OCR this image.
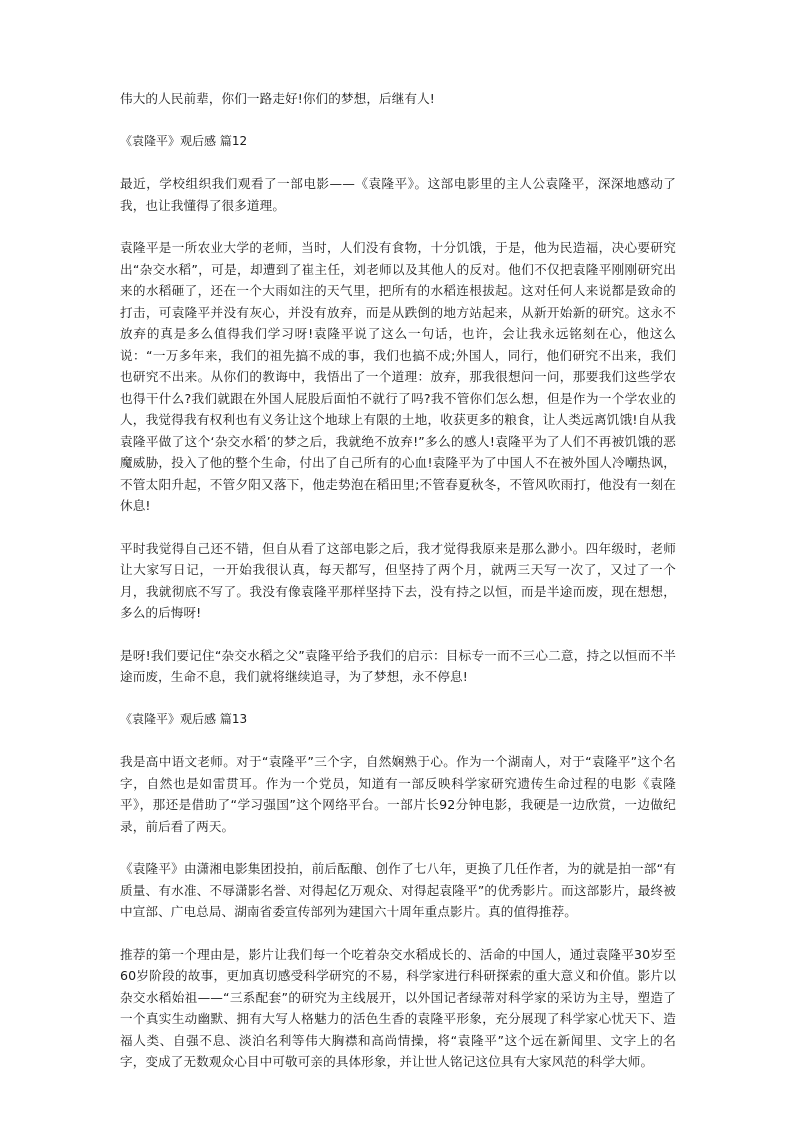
伟大的人民前辈，你们一路走好!你们的梦想，后继有人!

《袁隆平》观后感 篇12

最近，学校组织我们观看了一部电影——《袁隆平》。这部电影里的主人公袁隆平，深深地感动了我，也让我懂得了很多道理。

袁隆平是一所农业大学的老师，当时，人们没有食物，十分饥饿，于是，他为民造福，决心要研究出“杂交水稻”，可是，却遭到了崔主任，刘老师以及其他人的反对。他们不仅把袁隆平刚刚研究出来的水稻砸了，还在一个大雨如注的天气里，把所有的水稻连根拔起。这对任何人来说都是致命的打击，可袁隆平并没有灰心，并没有放弃，而是从跌倒的地方站起来，从新开始新的研究。这永不放弃的真是多么值得我们学习呀!袁隆平说了这么一句话，也许，会让我永远铭刻在心，他这么说：“一万多年来，我们的祖先搞不成的事，我们也搞不成;外国人，同行，他们研究不出来，我们也研究不出来。从你们的教诲中，我悟出了一个道理：放弃，那我很想问一问，那要我们这些学农也得干什么?我们就跟在外国人屁股后面怕不就行了吗?我不管你们怎么想，但是作为一个学农业的人，我觉得我有权利也有义务让这个地球上有限的土地，收获更多的粮食，让人类远离饥饿!自从我袁隆平做了这个‘杂交水稻’的梦之后，我就绝不放弃!”多么的感人!袁隆平为了人们不再被饥饿的恶魔威胁，投入了他的整个生命，付出了自己所有的心血!袁隆平为了中国人不在被外国人冷嘲热讽，不管太阳升起，不管夕阳又落下，他走势泡在稻田里;不管春夏秋冬，不管风吹雨打，他没有一刻在休息!

平时我觉得自己还不错，但自从看了这部电影之后，我才觉得我原来是那么渺小。四年级时，老师让大家写日记，一开始我很认真，每天都写，但坚持了两个月，就两三天写一次了，又过了一个月，我就彻底不写了。我没有像袁隆平那样坚持下去，没有持之以恒，而是半途而废，现在想想，多么的后悔呀!

是呀!我们要记住“杂交水稻之父”袁隆平给予我们的启示：目标专一而不三心二意，持之以恒而不半途而废，生命不息，我们就将继续追寻，为了梦想，永不停息!

《袁隆平》观后感 篇13

我是高中语文老师。对于“袁隆平”三个字，自然娴熟于心。作为一个湖南人，对于“袁隆平”这个名字，自然也是如雷贯耳。作为一个党员，知道有一部反映科学家研究遗传生命过程的电影《袁隆平》，那还是借助了“学习强国”这个网络平台。一部片长92分钟电影，我硬是一边欣赏，一边做纪录，前后看了两天。

《袁隆平》由潇湘电影集团投拍，前后酝酿、创作了七八年，更换了几任作者，为的就是拍一部“有质量、有水准、不辱潇影名誉、对得起亿万观众、对得起袁隆平”的优秀影片。而这部影片，最终被中宣部、广电总局、湖南省委宣传部列为建国六十周年重点影片。真的值得推荐。

推荐的第一个理由是，影片让我们每一个吃着杂交水稻成长的、活命的中国人，通过袁隆平30岁至60岁阶段的故事，更加真切感受科学研究的不易，科学家进行科研探索的重大意义和价值。影片以杂交水稻始祖——“三系配套”的研究为主线展开，以外国记者绿蒂对科学家的采访为主导，塑造了一个真实生动幽默、拥有大写人格魅力的活色生香的袁隆平形象，充分展现了科学家心忧天下、造福人类、自强不息、淡泊名利等伟大胸襟和高尚情操，将“袁隆平”这个远在新闻里、文字上的名字，变成了无数观众心目中可敬可亲的具体形象，并让世人铭记这位具有大家风范的科学大师。
